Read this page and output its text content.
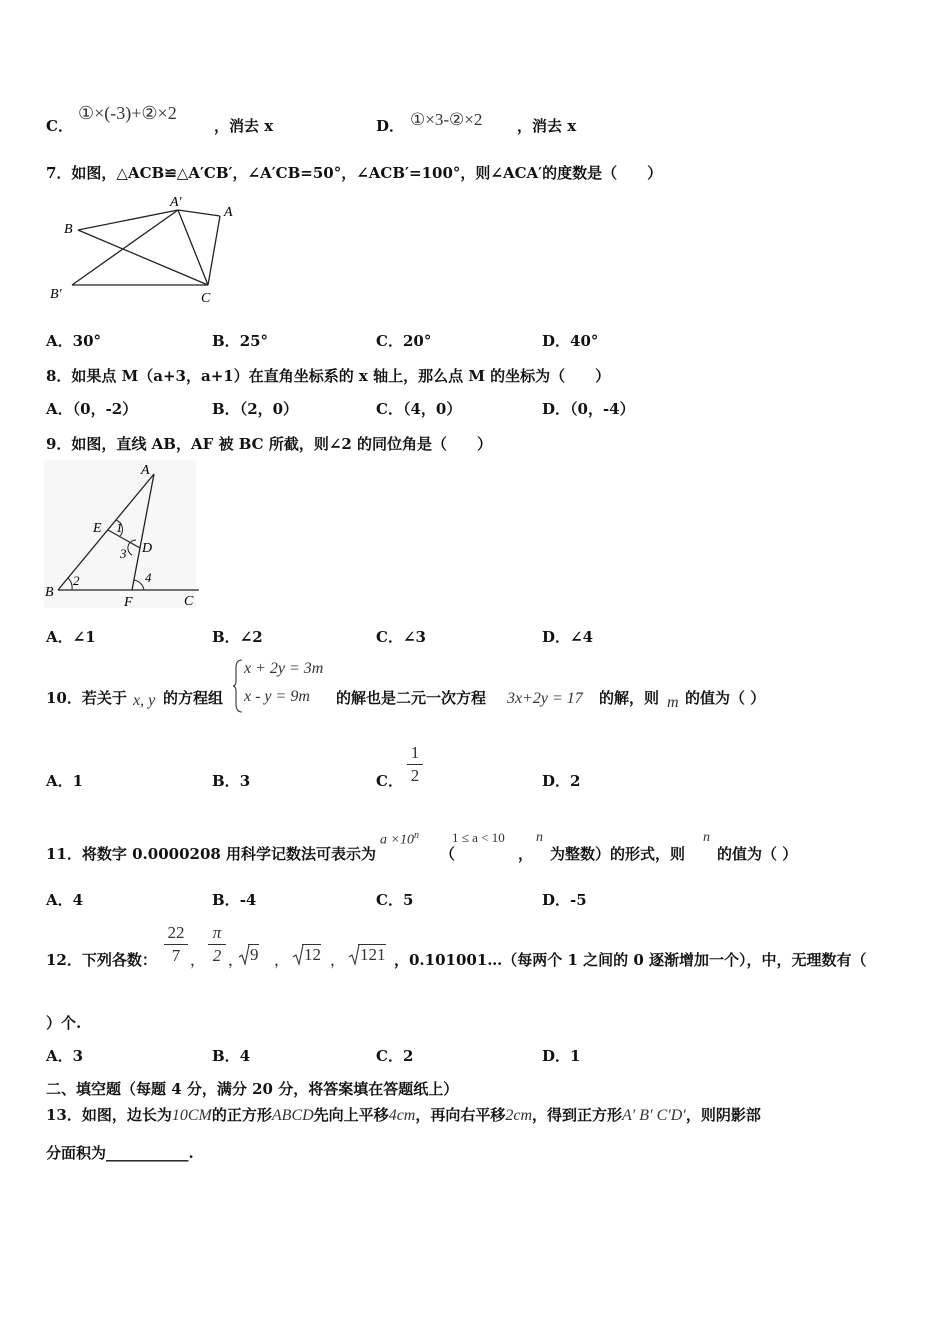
C．
①×(-3)+②×2
，消去 x	D． ①×3-②×2 ，消去 x
7．如图，△ACB≌△A′CB′，∠A′CB=50°，∠ACB′=100°，则∠ACA′的度数是（　　）
B
A′
A
B′	C
A．30°	B．25°	C．20°	D．40°
8．如果点 M（a+3，a+1）在直角坐标系的 x 轴上，那么点 M 的坐标为（　　）
A．（0，-2）	B．（2，0）	C．（4，0）	D．（0，-4）
9．如图，直线 AB，AF 被 BC 所截，则∠2 的同位角是（　　）
A
E 1
3 D
B
2
F
4
C
A．∠1	B．∠2	C．∠3	D．∠4
10．若关于 x, y 的方程组
x + 2y = 3m
x - y = 9m 的解也是二元一次方程 3x+2y = 17 的解，则 m 的值为（ ）
A．1	B．3	C．
1
2	D．2
11．将数字 0.0000208 用科学记数法可表示为
$a \times 10^n$
（
1 ≤ a < 10
，
n
为整数）的形式，则
n
的值为（ ）
A．4	B．-4	C．5	D．-5
12．下列各数：
22
7 ，
π
2 ， 9 ， 12 ， 121 ，0.101001…（每两个 1 之间的 0 逐渐增加一个），中，无理数有（
）个.
A．3	B．4	C．2	D．1
二、填空题（每题 4 分，满分 20 分，将答案填在答题纸上）
13．如图，边长为10CM的正方形ABCD先向上平移4cm，再向右平移2cm，得到正方形A′ B′ C′D′，则阴影部
分面积为___________.
